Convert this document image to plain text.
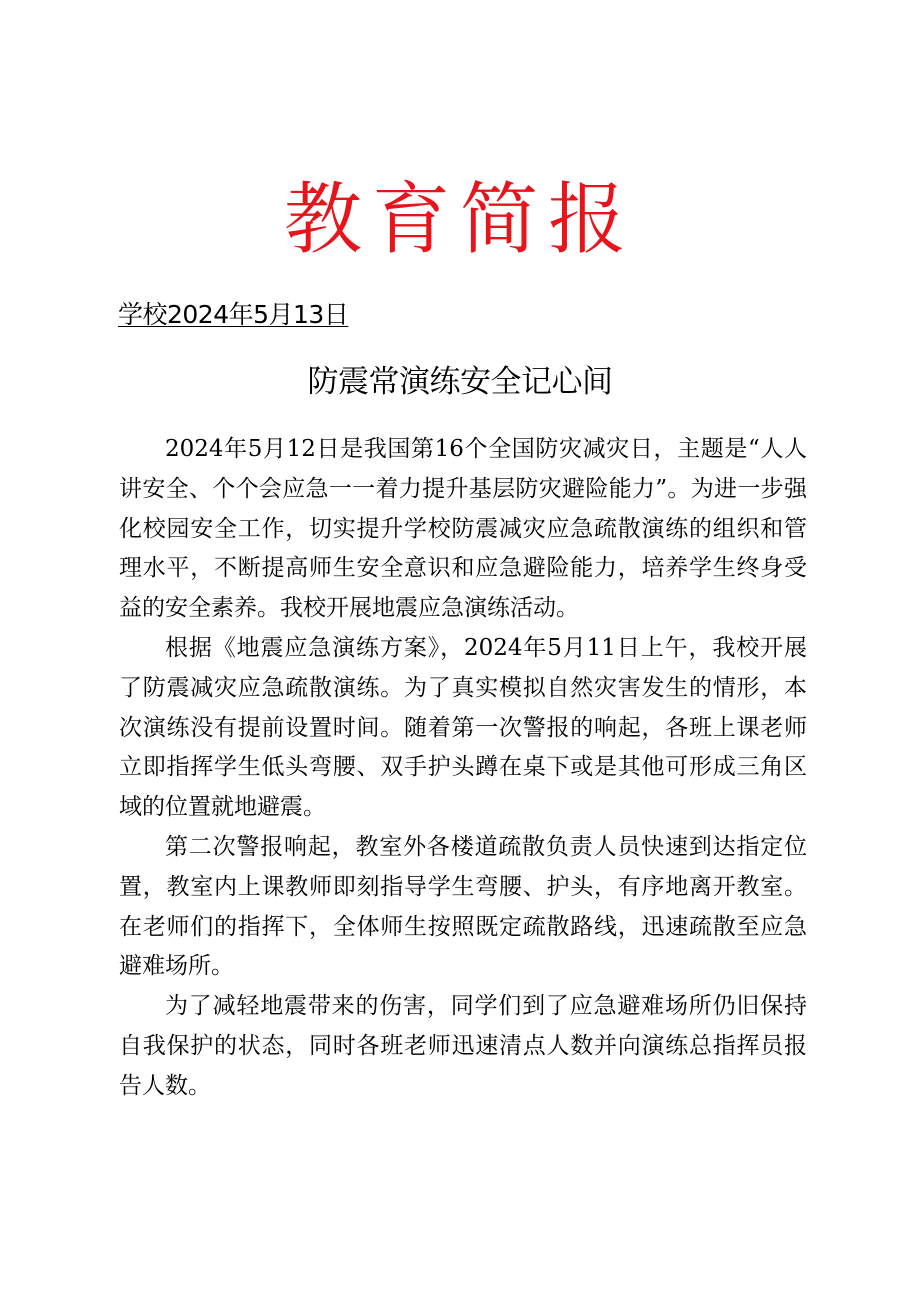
教育简报
学校2024年5月13日
防震常演练安全记心间

2024年5月12日是我国第16个全国防灾减灾日，主题是“人人讲安全、个个会应急一一着力提升基层防灾避险能力”。为进一步强化校园安全工作，切实提升学校防震减灾应急疏散演练的组织和管理水平，不断提高师生安全意识和应急避险能力，培养学生终身受益的安全素养。我校开展地震应急演练活动。

根据《地震应急演练方案》，2024年5月11日上午，我校开展了防震减灾应急疏散演练。为了真实模拟自然灾害发生的情形，本次演练没有提前设置时间。随着第一次警报的响起，各班上课老师立即指挥学生低头弯腰、双手护头蹲在桌下或是其他可形成三角区域的位置就地避震。

第二次警报响起，教室外各楼道疏散负责人员快速到达指定位置，教室内上课教师即刻指导学生弯腰、护头，有序地离开教室。在老师们的指挥下，全体师生按照既定疏散路线，迅速疏散至应急避难场所。

为了减轻地震带来的伤害，同学们到了应急避难场所仍旧保持自我保护的状态，同时各班老师迅速清点人数并向演练总指挥员报告人数。
